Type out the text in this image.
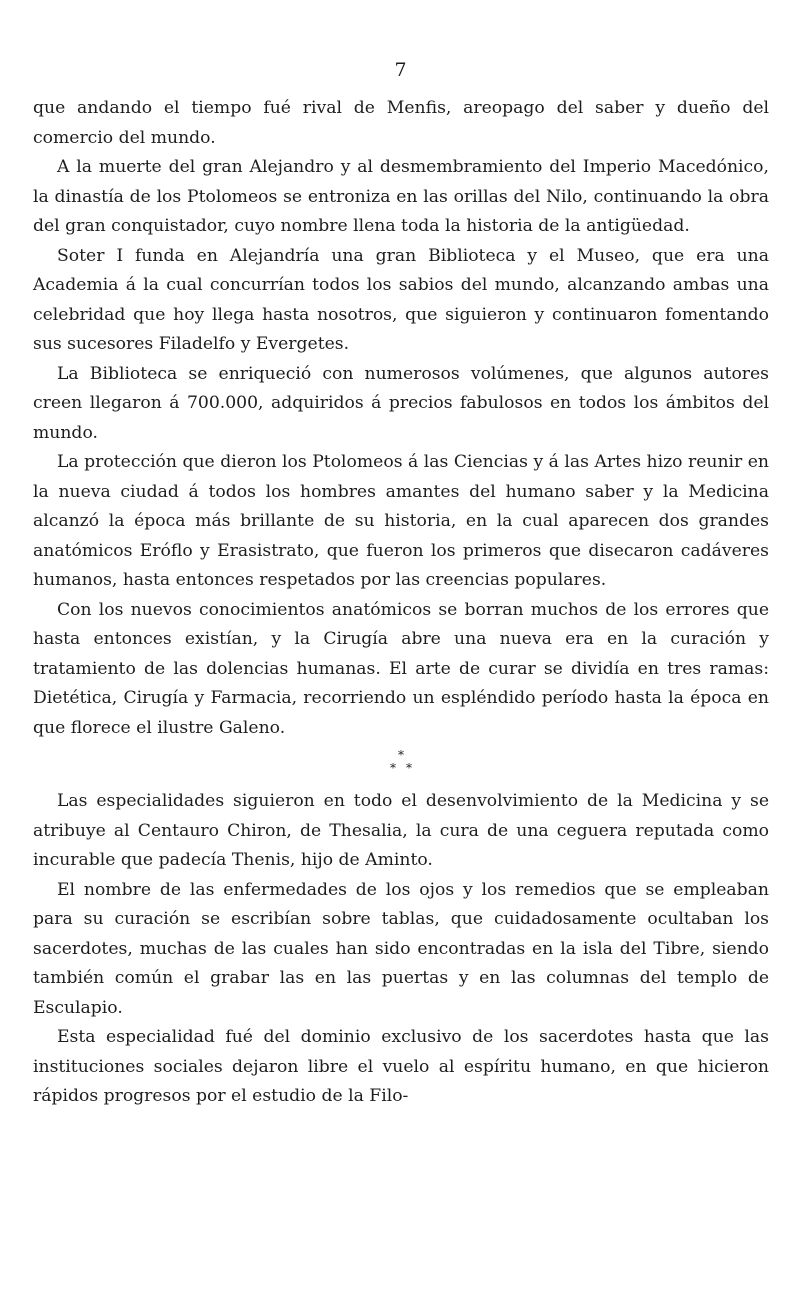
7

que andando el tiempo fué rival de Menfis, areopago del saber y dueño del comercio del mundo.

A la muerte del gran Alejandro y al desmembramiento del Imperio Macedónico, la dinastía de los Ptolomeos se entroniza en las orillas del Nilo, continuando la obra del gran conquistador, cuyo nombre llena toda la historia de la antigüedad.

Soter I funda en Alejandría una gran Biblioteca y el Museo, que era una Academia á la cual concurrían todos los sabios del mundo, alcanzando ambas una celebridad que hoy llega hasta nosotros, que siguieron y continuaron fomentando sus sucesores Filadelfo y Evergetes.

La Biblioteca se enriqueció con numerosos volúmenes, que algunos autores creen llegaron á 700.000, adquiridos á precios fabulosos en todos los ámbitos del mundo.

La protección que dieron los Ptolomeos á las Ciencias y á las Artes hizo reunir en la nueva ciudad á todos los hombres amantes del humano saber y la Medicina alcanzó la época más brillante de su historia, en la cual aparecen dos grandes anatómicos Eróflo y Erasistrato, que fueron los primeros que disecaron cadáveres humanos, hasta entonces respetados por las creencias populares.

Con los nuevos conocimientos anatómicos se borran muchos de los errores que hasta entonces existían, y la Cirugía abre una nueva era en la curación y tratamiento de las dolencias humanas. El arte de curar se dividía en tres ramas: Dietética, Cirugía y Farmacia, recorriendo un espléndido período hasta la época en que florece el ilustre Galeno.

*
* *

Las especialidades siguieron en todo el desenvolvimiento de la Medicina y se atribuye al Centauro Chiron, de Thesalia, la cura de una ceguera reputada como incurable que padecía Thenis, hijo de Aminto.

El nombre de las enfermedades de los ojos y los remedios que se empleaban para su curación se escribían sobre tablas, que cuidadosamente ocultaban los sacerdotes, muchas de las cuales han sido encontradas en la isla del Tibre, siendo también común el grabar las en las puertas y en las columnas del templo de Esculapio.

Esta especialidad fué del dominio exclusivo de los sacerdotes hasta que las instituciones sociales dejaron libre el vuelo al espíritu humano, en que hicieron rápidos progresos por el estudio de la Filo-
